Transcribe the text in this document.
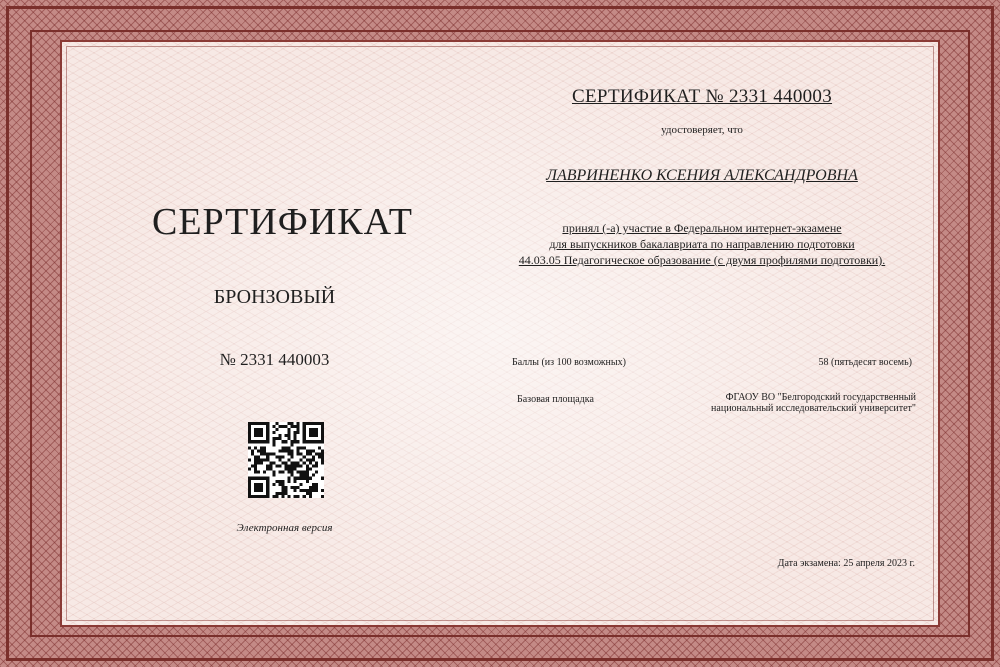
СЕРТИФИКАТ
БРОНЗОВЫЙ
№ 2331 440003
Электронная версия
СЕРТИФИКАТ № 2331 440003
удостоверяет, что
ЛАВРИНЕНКО КСЕНИЯ АЛЕКСАНДРОВНА
принял (-а) участие в Федеральном интернет-экзамене
для выпускников бакалавриата по направлению подготовки
44.03.05 Педагогическое образование (с двумя профилями подготовки).
Баллы (из 100 возможных)	58 (пятьдесят восемь)
Базовая площадка	ФГАОУ ВО "Белгородский государственный
национальный исследовательский университет"
Дата экзамена: 25 апреля 2023 г.
